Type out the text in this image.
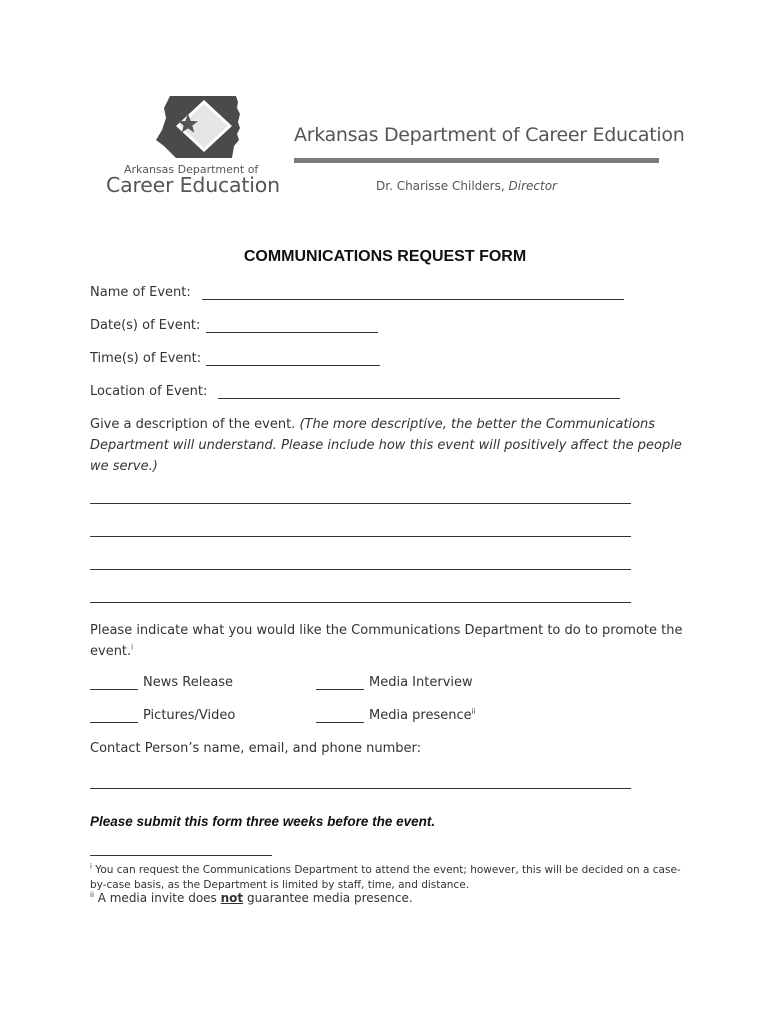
Arkansas Department of
Career Education
Arkansas Department of Career Education
Dr. Charisse Childers, Director
COMMUNICATIONS REQUEST FORM
Name of Event:
Date(s) of Event:
Time(s) of Event:
Location of Event:
Give a description of the event. (The more descriptive, the better the Communications Department will understand. Please include how this event will positively affect the people we serve.)
Please indicate what you would like the Communications Department to do to promote the event.$^i$
News Release	Media Interview
Pictures/Video	Media presence$^{ii}$
Contact Person’s name, email, and phone number:
Please submit this form three weeks before the event.
$^i$ You can request the Communications Department to attend the event; however, this will be decided on a case-by-case basis, as the Department is limited by staff, time, and distance.
$^{ii}$ A media invite does not guarantee media presence.
